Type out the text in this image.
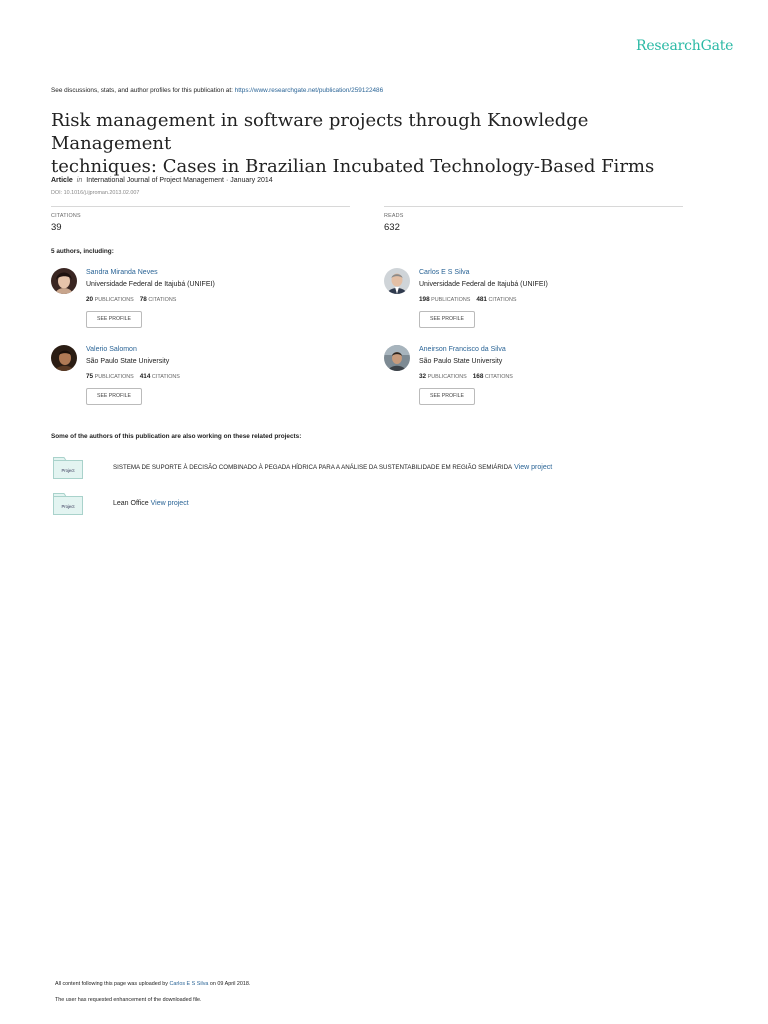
ResearchGate
See discussions, stats, and author profiles for this publication at: https://www.researchgate.net/publication/259122486
Risk management in software projects through Knowledge Management
techniques: Cases in Brazilian Incubated Technology-Based Firms
Article in International Journal of Project Management · January 2014
DOI: 10.1016/j.ijproman.2013.02.007
CITATIONS
39
READS
632
5 authors, including:
Sandra Miranda Neves
Universidade Federal de Itajubá (UNIFEI)
20 PUBLICATIONS 78 CITATIONS
SEE PROFILE
Carlos E S Silva
Universidade Federal de Itajubá (UNIFEI)
198 PUBLICATIONS 481 CITATIONS
SEE PROFILE
Valerio Salomon
São Paulo State University
75 PUBLICATIONS 414 CITATIONS
SEE PROFILE
Aneirson Francisco da Silva
São Paulo State University
32 PUBLICATIONS 168 CITATIONS
SEE PROFILE
Some of the authors of this publication are also working on these related projects:
Project	SISTEMA DE SUPORTE À DECISÃO COMBINADO À PEGADA HÍDRICA PARA A ANÁLISE DA SUSTENTABILIDADE EM REGIÃO SEMIÁRIDA View project
Project	Lean Office View project
All content following this page was uploaded by Carlos E S Silva on 09 April 2018.
The user has requested enhancement of the downloaded file.
